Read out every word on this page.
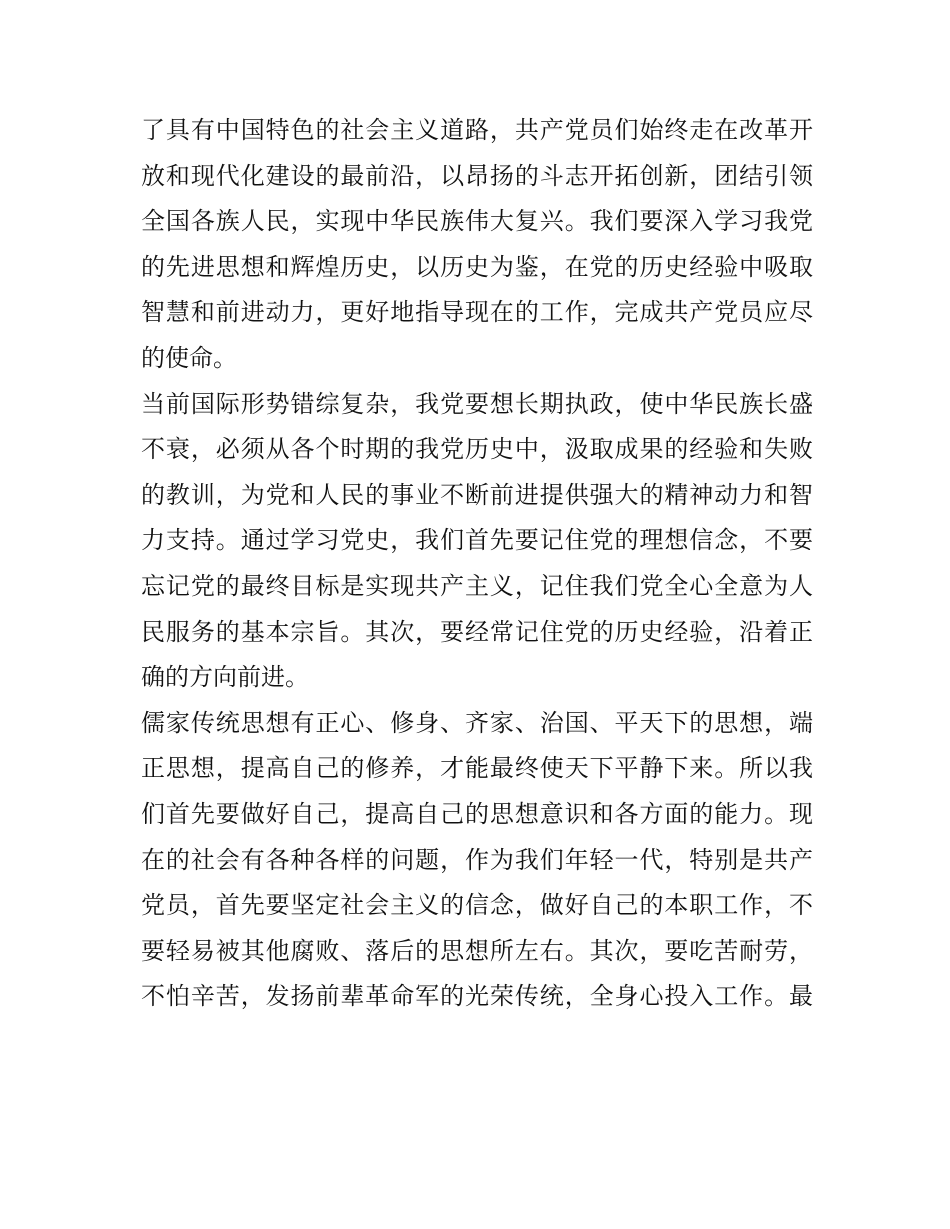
了具有中国特色的社会主义道路，共产党员们始终走在改革开
放和现代化建设的最前沿，以昂扬的斗志开拓创新，团结引领
全国各族人民，实现中华民族伟大复兴。我们要深入学习我党
的先进思想和辉煌历史，以历史为鉴，在党的历史经验中吸取
智慧和前进动力，更好地指导现在的工作，完成共产党员应尽
的使命。
当前国际形势错综复杂，我党要想长期执政，使中华民族长盛
不衰，必须从各个时期的我党历史中，汲取成果的经验和失败
的教训，为党和人民的事业不断前进提供强大的精神动力和智
力支持。通过学习党史，我们首先要记住党的理想信念，不要
忘记党的最终目标是实现共产主义，记住我们党全心全意为人
民服务的基本宗旨。其次，要经常记住党的历史经验，沿着正
确的方向前进。
儒家传统思想有正心、修身、齐家、治国、平天下的思想，端
正思想，提高自己的修养，才能最终使天下平静下来。所以我
们首先要做好自己，提高自己的思想意识和各方面的能力。现
在的社会有各种各样的问题，作为我们年轻一代，特别是共产
党员，首先要坚定社会主义的信念，做好自己的本职工作，不
要轻易被其他腐败、落后的思想所左右。其次，要吃苦耐劳，
不怕辛苦，发扬前辈革命军的光荣传统，全身心投入工作。最
